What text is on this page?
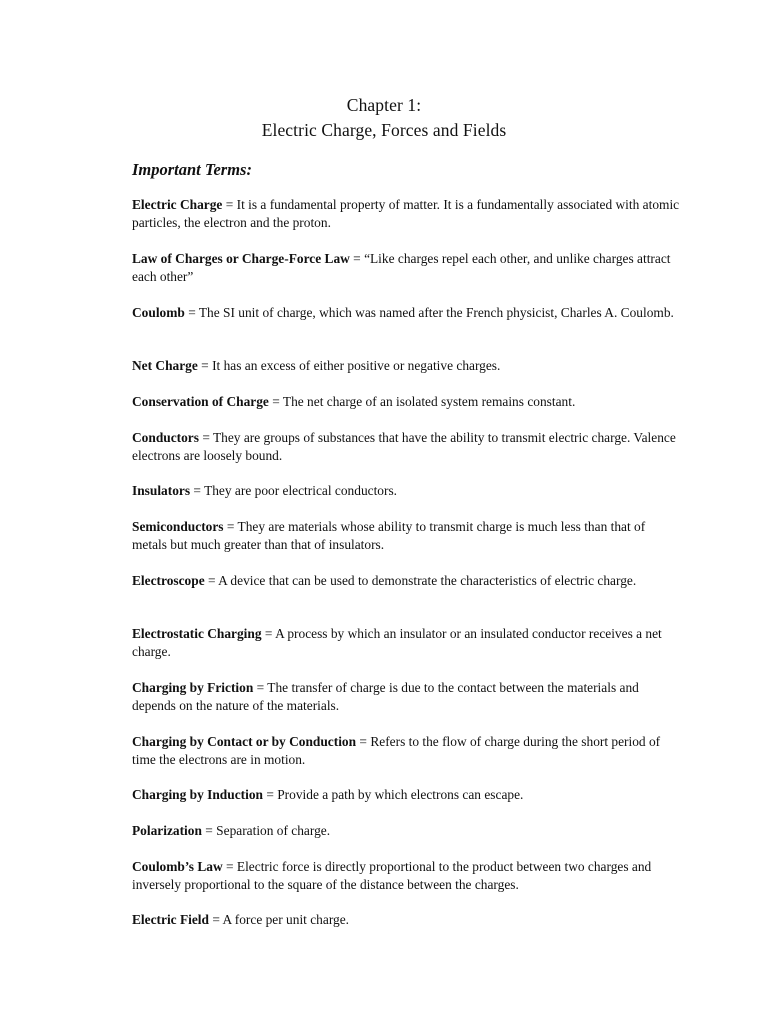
Chapter 1:
Electric Charge, Forces and Fields
Important Terms:
Electric Charge = It is a fundamental property of matter. It is a fundamentally associated with atomic particles, the electron and the proton.
Law of Charges or Charge-Force Law = “Like charges repel each other, and unlike charges attract each other”
Coulomb = The SI unit of charge, which was named after the French physicist, Charles A. Coulomb.
Net Charge = It has an excess of either positive or negative charges.
Conservation of Charge = The net charge of an isolated system remains constant.
Conductors = They are groups of substances that have the ability to transmit electric charge. Valence electrons are loosely bound.
Insulators = They are poor electrical conductors.
Semiconductors = They are materials whose ability to transmit charge is much less than that of metals but much greater than that of insulators.
Electroscope = A device that can be used to demonstrate the characteristics of electric charge.
Electrostatic Charging = A process by which an insulator or an insulated conductor receives a net charge.
Charging by Friction = The transfer of charge is due to the contact between the materials and depends on the nature of the materials.
Charging by Contact or by Conduction = Refers to the flow of charge during the short period of time the electrons are in motion.
Charging by Induction = Provide a path by which electrons can escape.
Polarization = Separation of charge.
Coulomb’s Law = Electric force is directly proportional to the product between two charges and inversely proportional to the square of the distance between the charges.
Electric Field = A force per unit charge.
